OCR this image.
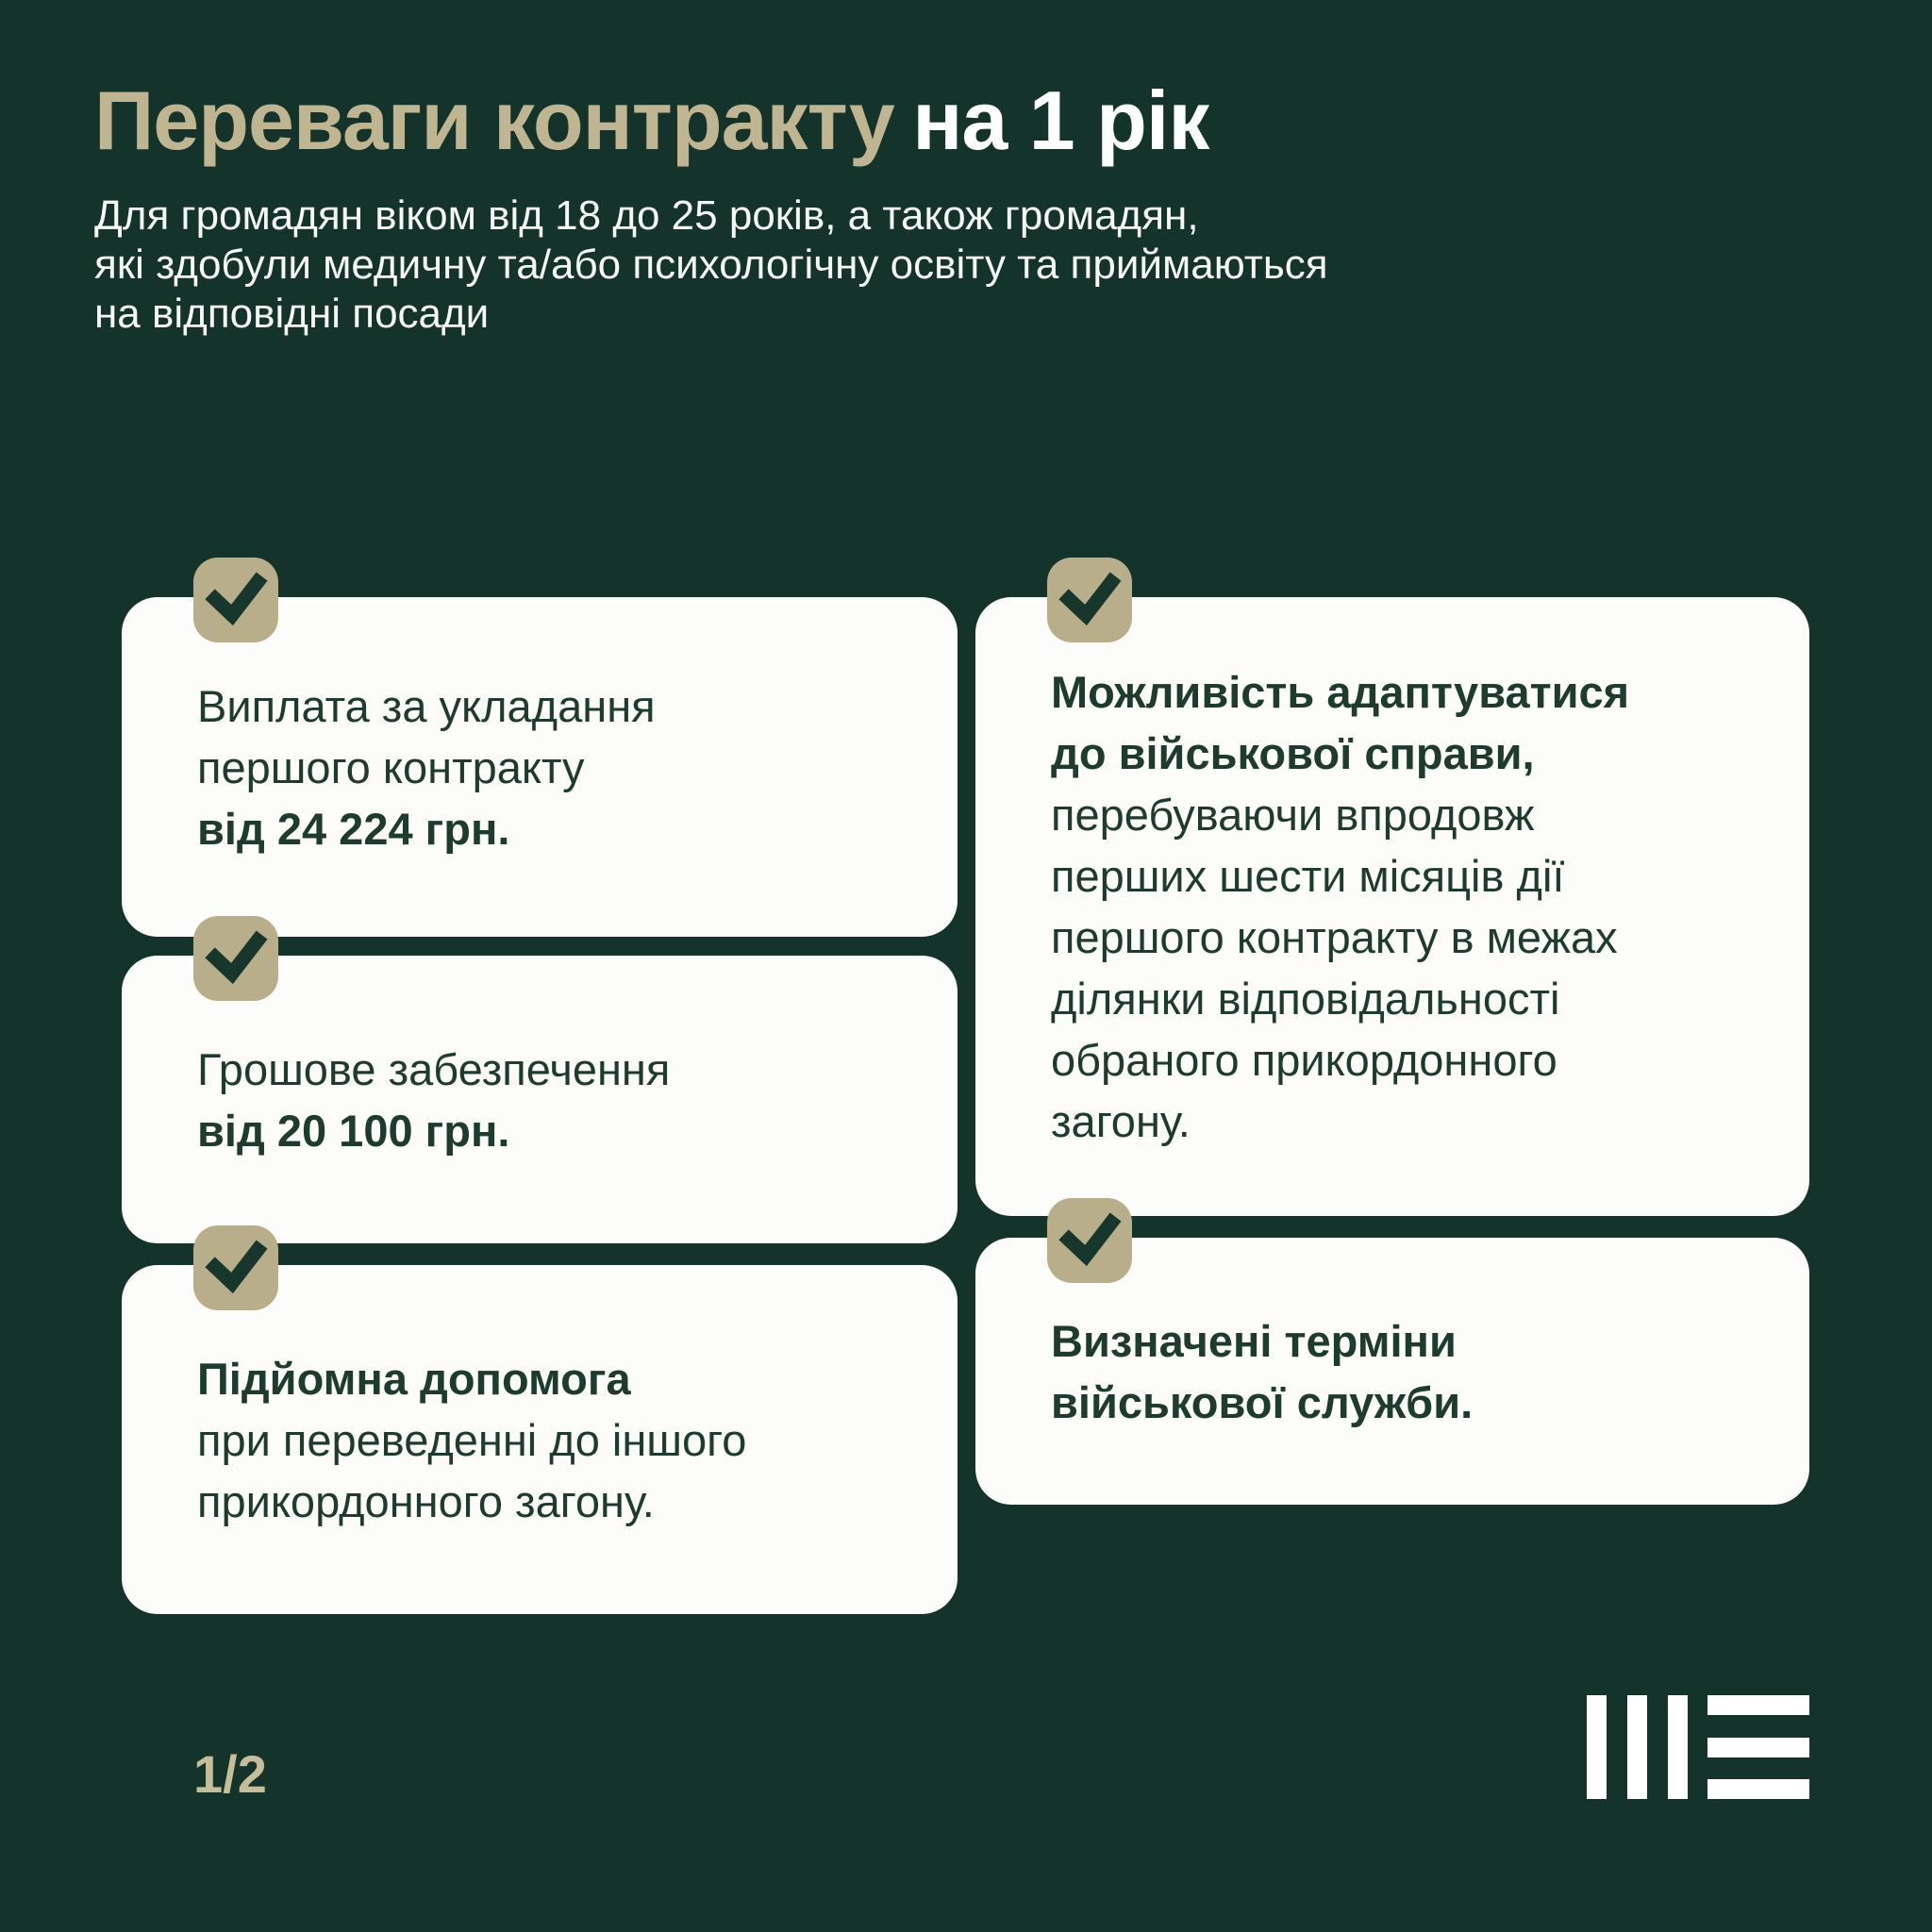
Переваги контракту на 1 рік
Для громадян віком від 18 до 25 років, а також громадян,
які здобули медичну та/або психологічну освіту та приймаються
на відповідні посади
Виплата за укладання
першого контракту
від 24 224 грн.
Грошове забезпечення
від 20 100 грн.
Підйомна допомога
при переведенні до іншого
прикордонного загону.
Можливість адаптуватися
до військової справи,
перебуваючи впродовж
перших шести місяців дії
першого контракту в межах
ділянки відповідальності
обраного прикордонного
загону.
Визначені терміни
військової служби.
1/2
